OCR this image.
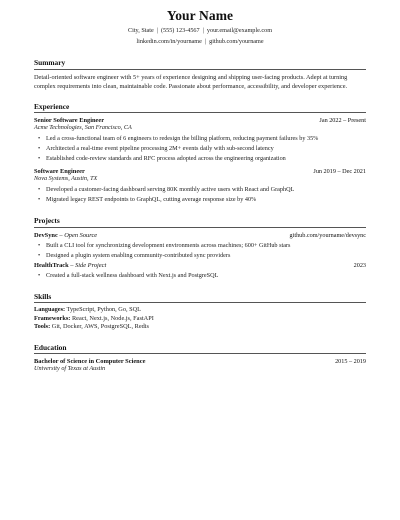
Your Name
City, State | (555) 123-4567 | your.email@example.com
linkedin.com/in/yourname | github.com/yourname
Summary
Detail-oriented software engineer with 5+ years of experience designing and shipping user-facing products. Adept at turning complex requirements into clean, maintainable code. Passionate about performance, accessibility, and developer experience.
Experience
Senior Software Engineer	Jan 2022 – Present
Acme Technologies, San Francisco, CA
• Led a cross-functional team of 6 engineers to redesign the billing platform, reducing payment failures by 35%
• Architected a real-time event pipeline processing 2M+ events daily with sub-second latency
• Established code-review standards and RFC process adopted across the engineering organization
Software Engineer	Jun 2019 – Dec 2021
Nova Systems, Austin, TX
• Developed a customer-facing dashboard serving 80K monthly active users with React and GraphQL
• Migrated legacy REST endpoints to GraphQL, cutting average response size by 40%
Projects
DevSync – Open Source	github.com/yourname/devsync
• Built a CLI tool for synchronizing development environments across machines; 600+ GitHub stars
• Designed a plugin system enabling community-contributed sync providers
HealthTrack – Side Project	2023
• Created a full-stack wellness dashboard with Next.js and PostgreSQL
Skills
Languages: TypeScript, Python, Go, SQL
Frameworks: React, Next.js, Node.js, FastAPI
Tools: Git, Docker, AWS, PostgreSQL, Redis
Education
Bachelor of Science in Computer Science	2015 – 2019
University of Texas at Austin
